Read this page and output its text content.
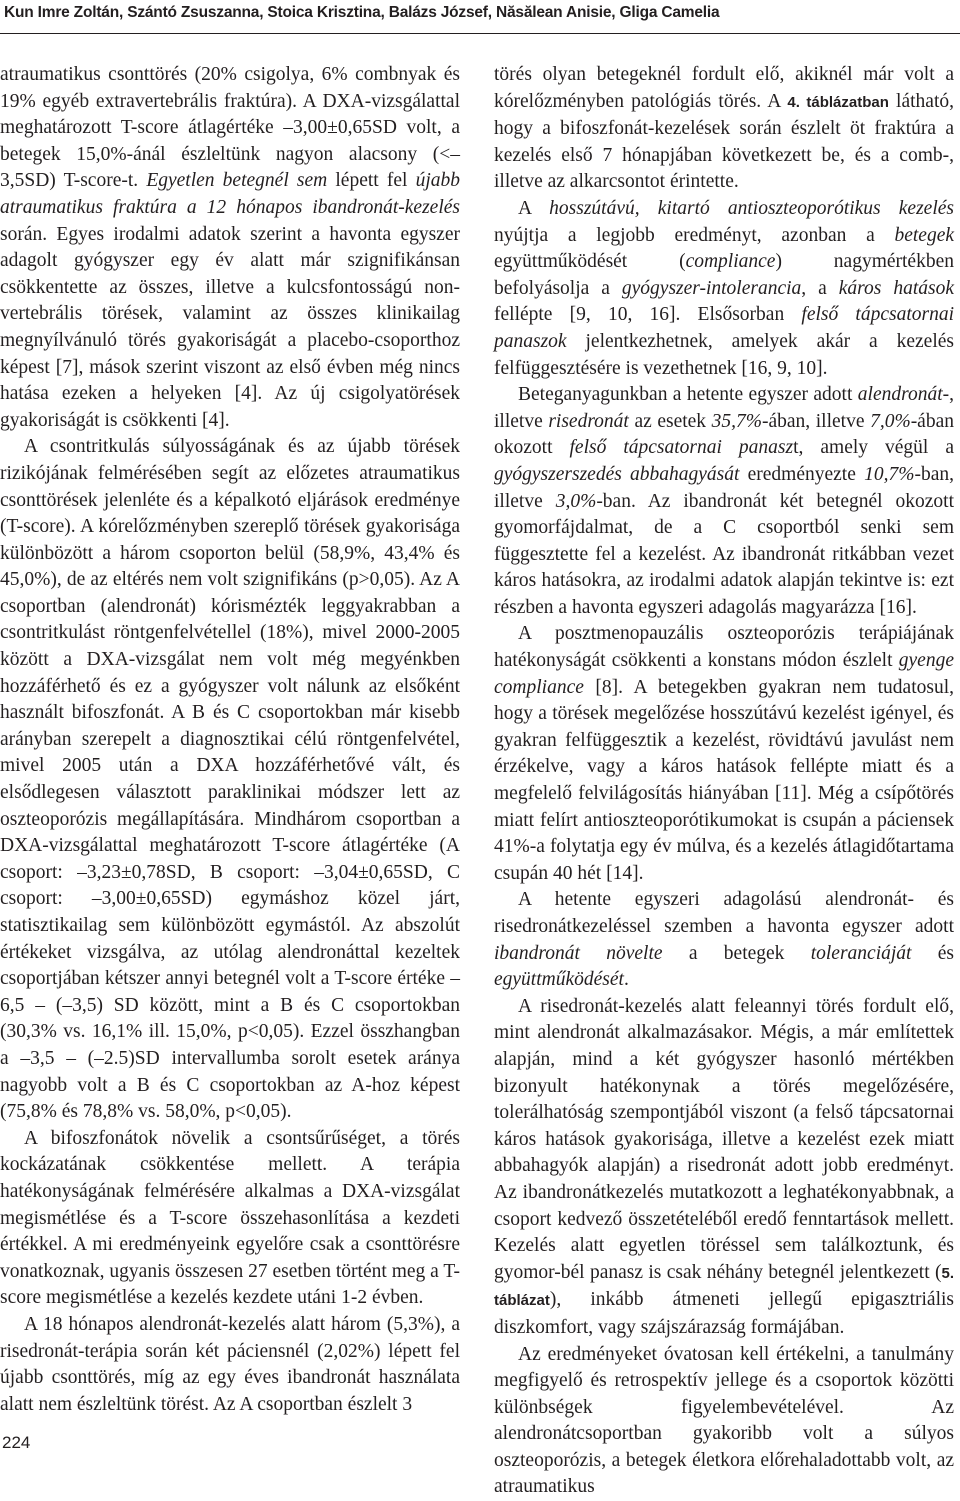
Kun Imre Zoltán, Szántó Zsuszanna, Stoica Krisztina, Balázs József, Năsălean Anisie, Gliga Camelia

atraumatikus csonttörés (20% csigolya, 6% combnyak és 19% egyéb extravertebrális fraktúra). A DXA-vizsgálattal meghatározott T-score átlagértéke –3,00±0,65SD volt, a betegek 15,0%-ánál észleltünk nagyon alacsony (<–3,5SD) T-score-t. Egyetlen betegnél sem lépett fel újabb atraumatikus fraktúra a 12 hónapos ibandronát-kezelés során. Egyes irodalmi adatok szerint a havonta egyszer adagolt gyógyszer egy év alatt már szignifikánsan csökkentette az összes, illetve a kulcsfontosságú non-vertebrális törések, valamint az összes klinikailag megnyílvánuló törés gyakoriságát a placebo-csoporthoz képest [7], mások szerint viszont az első évben még nincs hatása ezeken a helyeken [4]. Az új csigolyatörések gyakoriságát is csökkenti [4].

A csontritkulás súlyosságának és az újabb törések rizikójának felmérésében segít az előzetes atraumatikus csonttörések jelenléte és a képalkotó eljárások eredménye (T-score). A kórelőzményben szereplő törések gyakorisága különbözött a három csoporton belül (58,9%, 43,4% és 45,0%), de az eltérés nem volt szignifikáns (p>0,05). Az A csoportban (alendronát) kórismézték leggyakrabban a csontritkulást röntgenfelvétellel (18%), mivel 2000-2005 között a DXA-vizsgálat nem volt még megyénkben hozzáférhető és ez a gyógyszer volt nálunk az elsőként használt bifoszfonát. A B és C csoportokban már kisebb arányban szerepelt a diagnosztikai célú röntgenfelvétel, mivel 2005 után a DXA hozzáférhetővé vált, és elsődlegesen választott paraklinikai módszer lett az oszteoporózis megállapítására. Mindhárom csoportban a DXA-vizsgálattal meghatározott T-score átlagértéke (A csoport: –3,23±0,78SD, B csoport: –3,04±0,65SD, C csoport: –3,00±0,65SD) egymáshoz közel járt, statisztikailag sem különbözött egymástól. Az abszolút értékeket vizsgálva, az utólag alendronáttal kezeltek csoportjában kétszer annyi betegnél volt a T-score értéke –6,5 – (–3,5) SD között, mint a B és C csoportokban (30,3% vs. 16,1% ill. 15,0%, p<0,05). Ezzel összhangban a –3,5 – (–2.5)SD intervallumba sorolt esetek aránya nagyobb volt a B és C csoportokban az A-hoz képest (75,8% és 78,8% vs. 58,0%, p<0,05).

A bifoszfonátok növelik a csontsűrűséget, a törés kockázatának csökkentése mellett. A terápia hatékonyságának felmérésére alkalmas a DXA-vizsgálat megismétlése és a T-score összehasonlítása a kezdeti értékkel. A mi eredményeink egyelőre csak a csonttörésre vonatkoznak, ugyanis összesen 27 esetben történt meg a T-score megismétlése a kezelés kezdete utáni 1-2 évben.

A 18 hónapos alendronát-kezelés alatt három (5,3%), a risedronát-terápia során két páciensnél (2,02%) lépett fel újabb csonttörés, míg az egy éves ibandronát használata alatt nem észleltünk törést. Az A csoportban észlelt 3

törés olyan betegeknél fordult elő, akiknél már volt a kórelőzményben patológiás törés. A 4. táblázatban látható, hogy a bifoszfonát-kezelések során észlelt öt fraktúra a kezelés első 7 hónapjában következett be, és a comb-, illetve az alkarcsontot érintette.

A hosszútávú, kitartó antioszteoporótikus kezelés nyújtja a legjobb eredményt, azonban a betegek együttműködését (compliance) nagymértékben befolyásolja a gyógyszer-intolerancia, a káros hatások fellépte [9, 10, 16]. Elsősorban felső tápcsatornai panaszok jelentkezhetnek, amelyek akár a kezelés felfüggesztésére is vezethetnek [16, 9, 10].

Beteganyagunkban a hetente egyszer adott alendronát-, illetve risedronát az esetek 35,7%-ában, illetve 7,0%-ában okozott felső tápcsatornai panaszt, amely végül a gyógyszerszedés abbahagyását eredményezte 10,7%-ban, illetve 3,0%-ban. Az ibandronát két betegnél okozott gyomorfájdalmat, de a C csoportból senki sem függesztette fel a kezelést. Az ibandronát ritkábban vezet káros hatásokra, az irodalmi adatok alapján tekintve is: ezt részben a havonta egyszeri adagolás magyarázza [16].

A posztmenopauzális oszteoporózis terápiájának hatékonyságát csökkenti a konstans módon észlelt gyenge compliance [8]. A betegekben gyakran nem tudatosul, hogy a törések megelőzése hosszútávú kezelést igényel, és gyakran felfüggesztik a kezelést, rövidtávú javulást nem érzékelve, vagy a káros hatások fellépte miatt és a megfelelő felvilágosítás hiányában [11]. Még a csípőtörés miatt felírt antioszteoporótikumokat is csupán a páciensek 41%-a folytatja egy év múlva, és a kezelés átlagidőtartama csupán 40 hét [14].

A hetente egyszeri adagolású alendronát- és risedronátkezeléssel szemben a havonta egyszer adott ibandronát növelte a betegek toleranciáját és együttműködését.

A risedronát-kezelés alatt feleannyi törés fordult elő, mint alendronát alkalmazásakor. Mégis, a már említettek alapján, mind a két gyógyszer hasonló mértékben bizonyult hatékonynak a törés megelőzésére, tolerálhatóság szempontjából viszont (a felső tápcsatornai káros hatások gyakorisága, illetve a kezelést ezek miatt abbahagyók alapján) a risedronát adott jobb eredményt. Az ibandronátkezelés mutatkozott a leghatékonyabbnak, a csoport kedvező összetételéből eredő fenntartások mellett. Kezelés alatt egyetlen töréssel sem találkoztunk, és gyomor-bél panasz is csak néhány betegnél jelentkezett (5. táblázat), inkább átmeneti jellegű epigasztriális diszkomfort, vagy szájszárazság formájában.

Az eredményeket óvatosan kell értékelni, a tanulmány megfigyelő és retrospektív jellege és a csoportok közötti különbségek figyelembevételével. Az alendronátcsoportban gyakoribb volt a súlyos oszteoporózis, a betegek életkora előrehaladottabb volt, az atraumatikus

224
